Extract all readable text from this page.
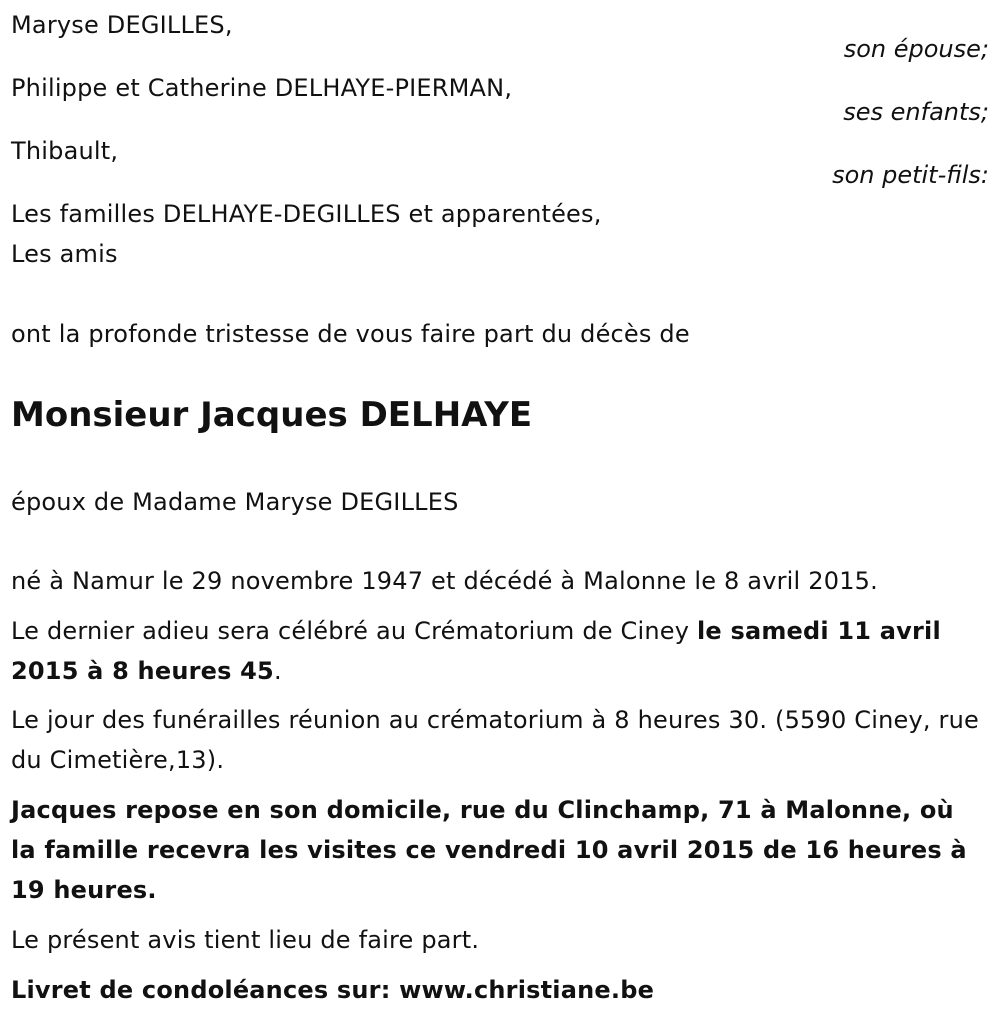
Maryse DEGILLES,
son épouse;
Philippe et Catherine DELHAYE-PIERMAN,
ses enfants;
Thibault,
son petit-fils:
Les familles DELHAYE-DEGILLES et apparentées,
Les amis
ont la profonde tristesse de vous faire part du décès de
Monsieur Jacques DELHAYE
époux de Madame Maryse DEGILLES
né à Namur le 29 novembre 1947 et décédé à Malonne le 8 avril 2015.
Le dernier adieu sera célébré au Crématorium de Ciney le samedi 11 avril 2015 à 8 heures 45.
Le jour des funérailles réunion au crématorium à 8 heures 30. (5590 Ciney, rue du Cimetière,13).
Jacques repose en son domicile, rue du Clinchamp, 71 à Malonne, où la famille recevra les visites ce vendredi 10 avril 2015 de 16 heures à 19 heures.
Le présent avis tient lieu de faire part.
Livret de condoléances sur: www.christiane.be
